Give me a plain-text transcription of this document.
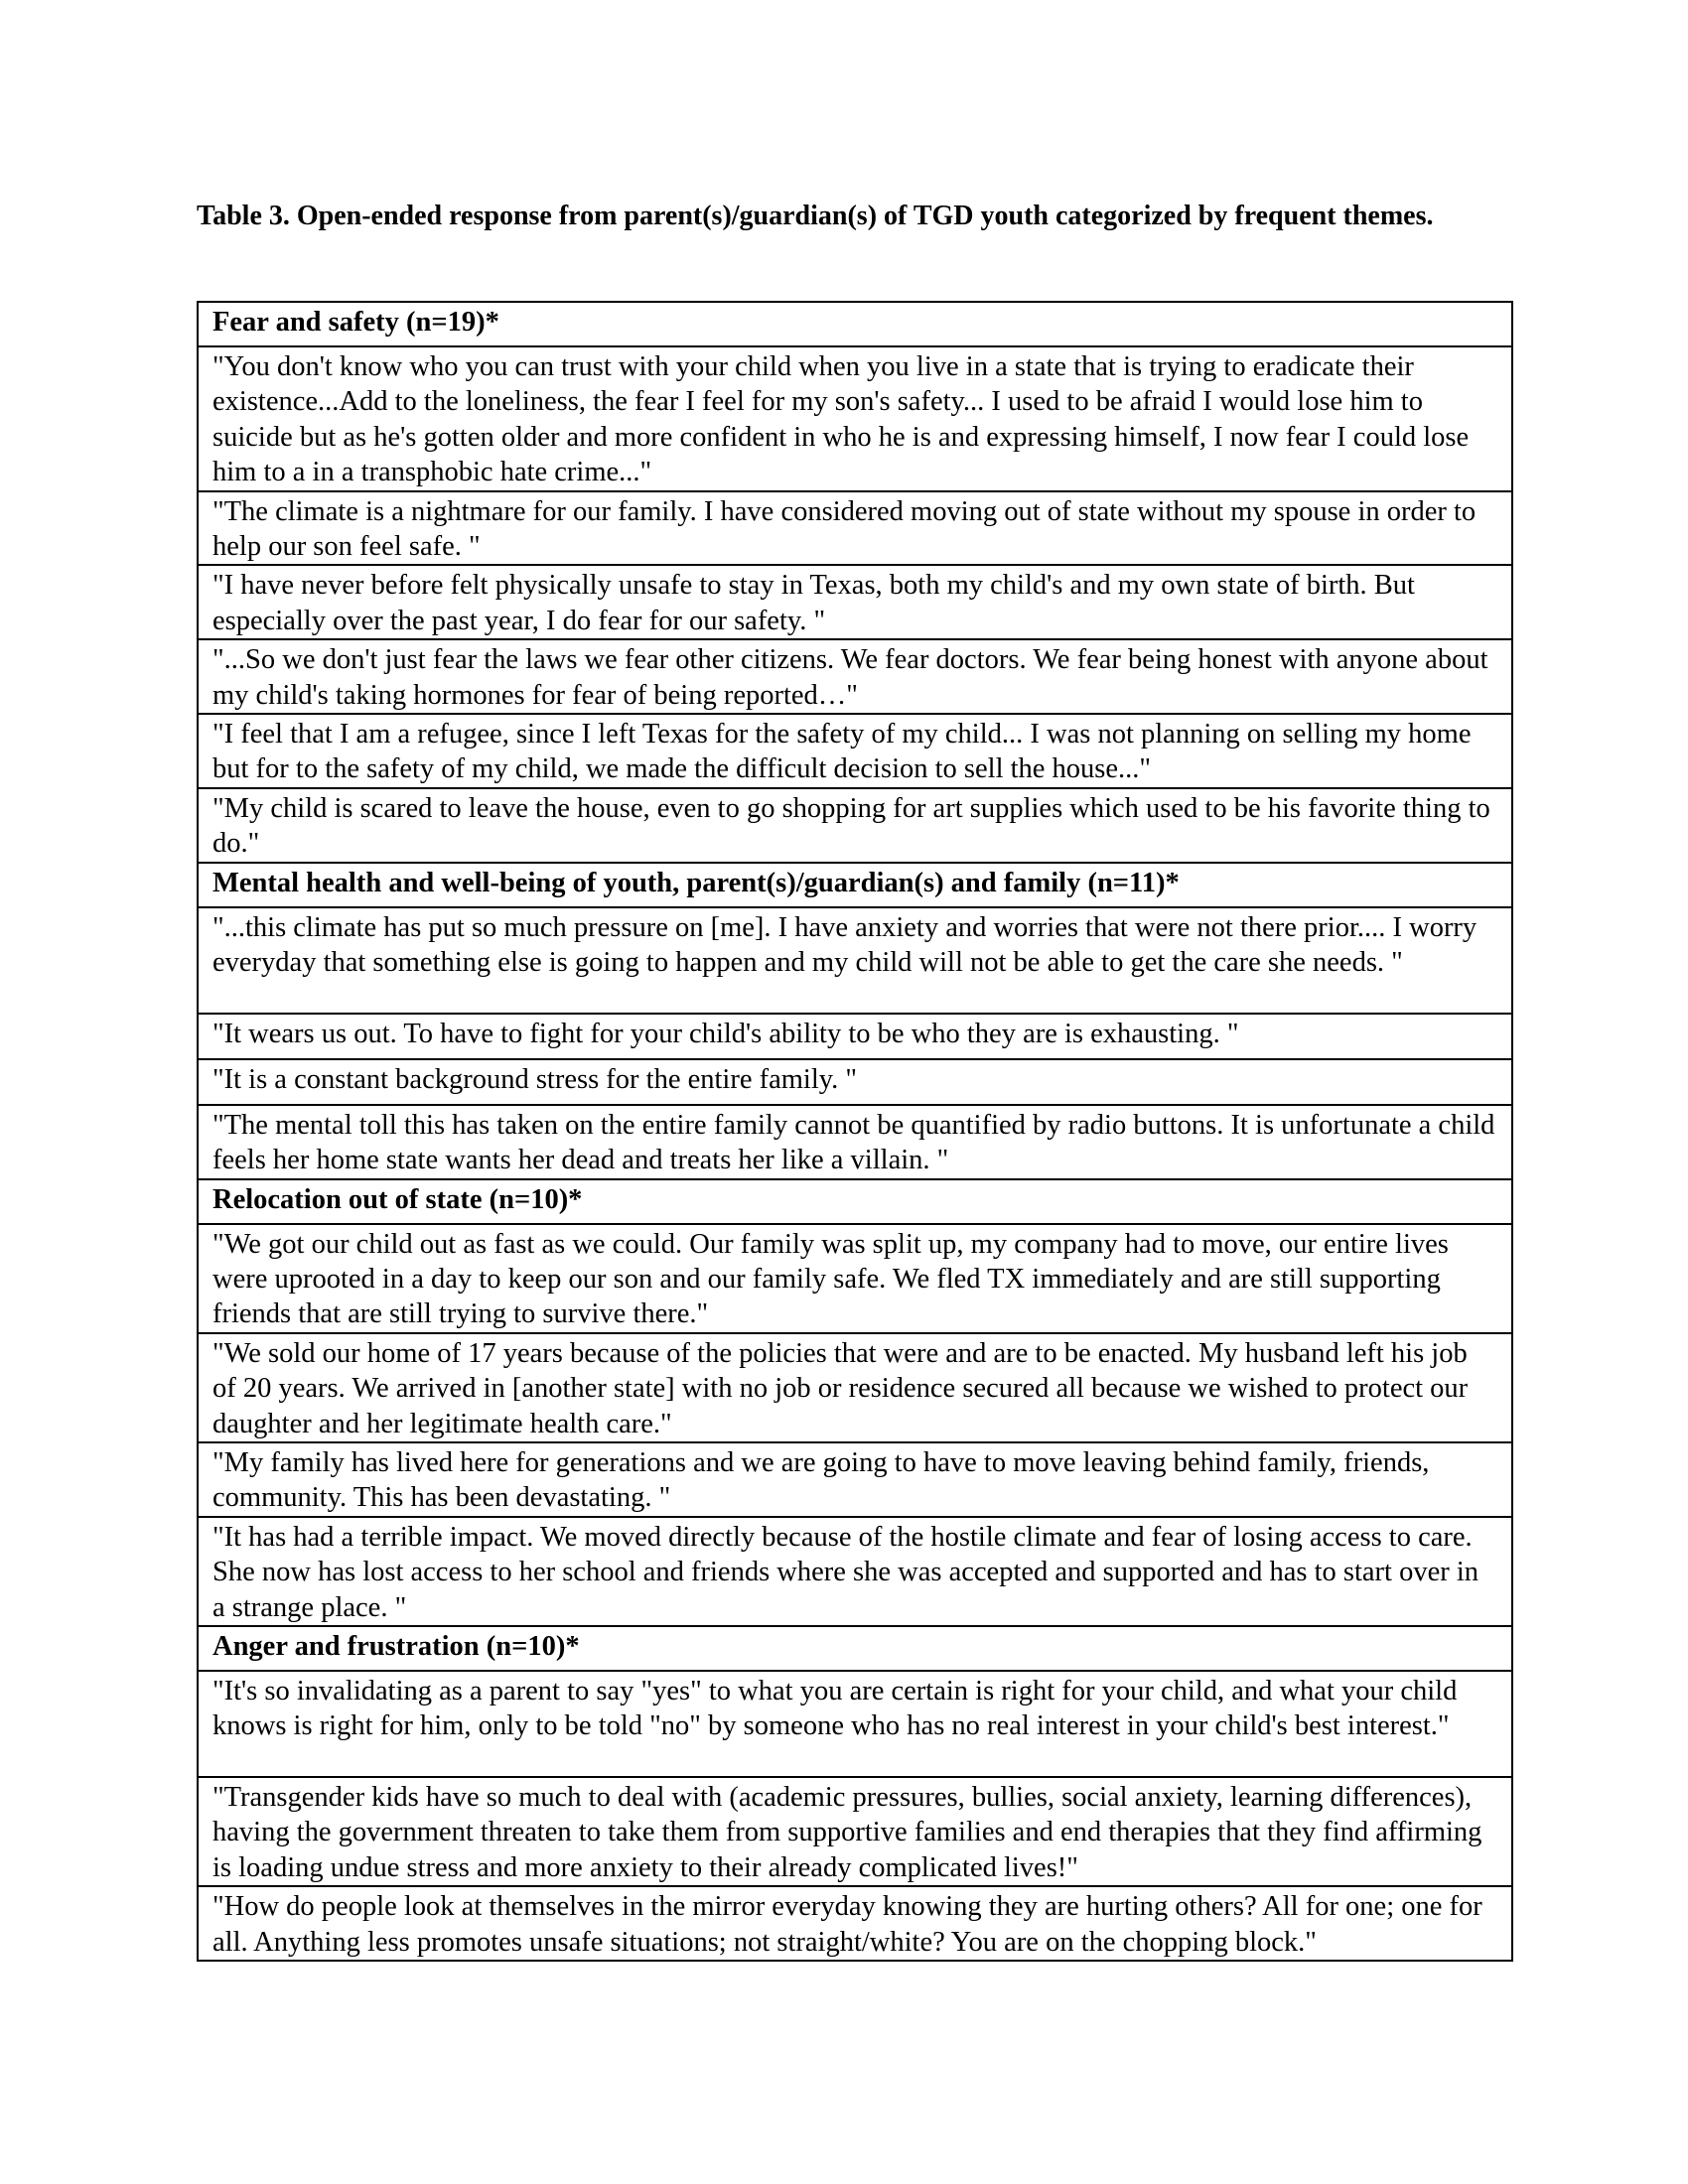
Table 3. Open-ended response from parent(s)/guardian(s) of TGD youth categorized by frequent themes.
Fear and safety (n=19)*
"You don't know who you can trust with your child when you live in a state that is trying to eradicate their existence...Add to the loneliness, the fear I feel for my son's safety... I used to be afraid I would lose him to suicide but as he's gotten older and more confident in who he is and expressing himself, I now fear I could lose him to a in a transphobic hate crime..."
"The climate is a nightmare for our family. I have considered moving out of state without my spouse in order to help our son feel safe. "
"I have never before felt physically unsafe to stay in Texas, both my child's and my own state of birth. But especially over the past year, I do fear for our safety. "
"...So we don't just fear the laws we fear other citizens. We fear doctors. We fear being honest with anyone about my child's taking hormones for fear of being reported…"
"I feel that I am a refugee, since I left Texas for the safety of my child... I was not planning on selling my home but for to the safety of my child, we made the difficult decision to sell the house..."
"My child is scared to leave the house, even to go shopping for art supplies which used to be his favorite thing to do."
Mental health and well-being of youth, parent(s)/guardian(s) and family (n=11)*
"...this climate has put so much pressure on [me]. I have anxiety and worries that were not there prior.... I worry everyday that something else is going to happen and my child will not be able to get the care she needs. "
"It wears us out. To have to fight for your child's ability to be who they are is exhausting. "
"It is a constant background stress for the entire family. "
"The mental toll this has taken on the entire family cannot be quantified by radio buttons. It is unfortunate a child feels her home state wants her dead and treats her like a villain. "
Relocation out of state (n=10)*
"We got our child out as fast as we could. Our family was split up, my company had to move, our entire lives were uprooted in a day to keep our son and our family safe. We fled TX immediately and are still supporting friends that are still trying to survive there."
"We sold our home of 17 years because of the policies that were and are to be enacted. My husband left his job of 20 years. We arrived in [another state] with no job or residence secured all because we wished to protect our daughter and her legitimate health care."
"My family has lived here for generations and we are going to have to move leaving behind family, friends, community. This has been devastating. "
"It has had a terrible impact. We moved directly because of the hostile climate and fear of losing access to care. She now has lost access to her school and friends where she was accepted and supported and has to start over in a strange place. "
Anger and frustration (n=10)*
"It's so invalidating as a parent to say "yes" to what you are certain is right for your child, and what your child knows is right for him, only to be told "no" by someone who has no real interest in your child's best interest."
"Transgender kids have so much to deal with (academic pressures, bullies, social anxiety, learning differences), having the government threaten to take them from supportive families and end therapies that they find affirming is loading undue stress and more anxiety to their already complicated lives!"
"How do people look at themselves in the mirror everyday knowing they are hurting others? All for one; one for all. Anything less promotes unsafe situations; not straight/white? You are on the chopping block."
